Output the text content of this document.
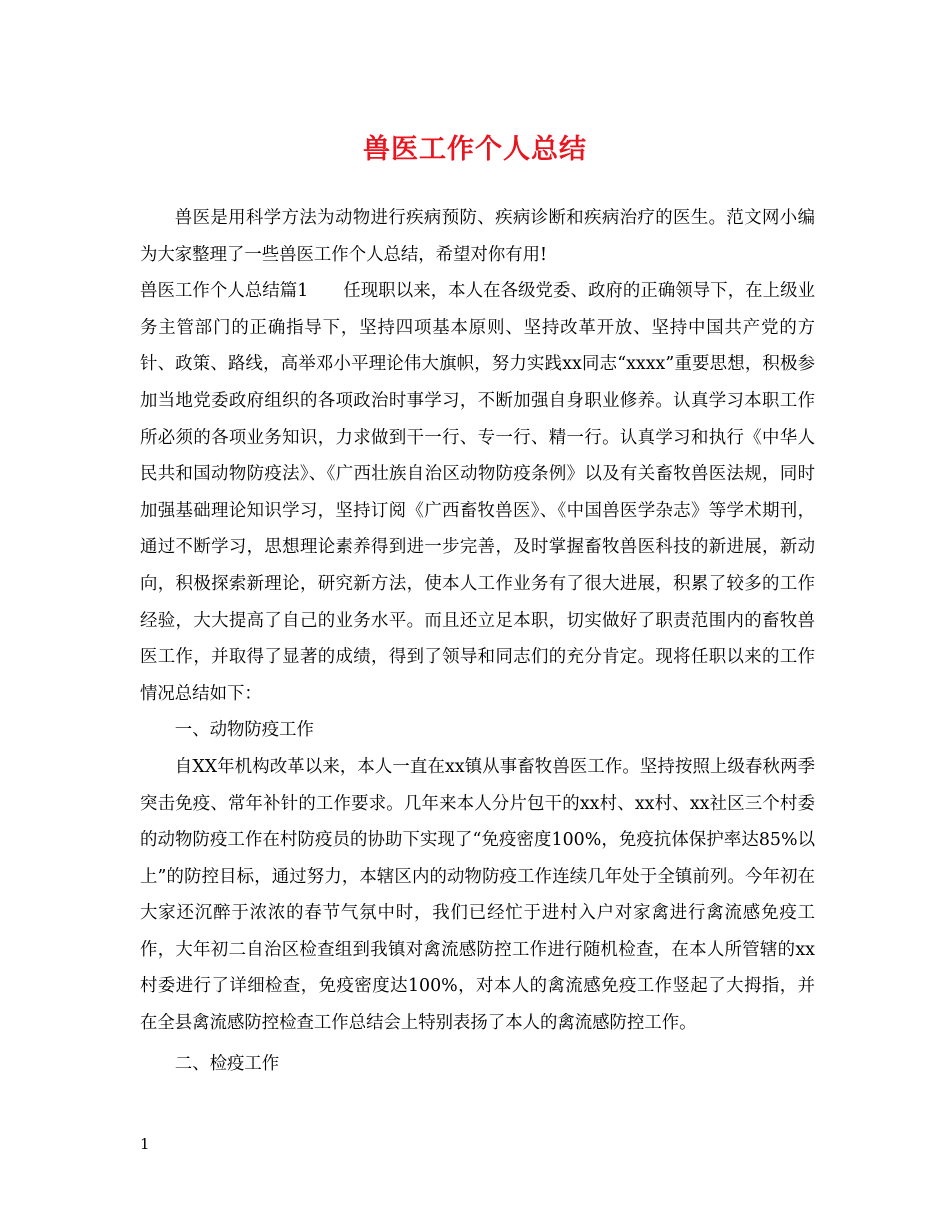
兽医工作个人总结

兽医是用科学方法为动物进行疾病预防、疾病诊断和疾病治疗的医生。范文网小编为大家整理了一些兽医工作个人总结，希望对你有用!

兽医工作个人总结篇1　　任现职以来，本人在各级党委、政府的正确领导下，在上级业务主管部门的正确指导下，坚持四项基本原则、坚持改革开放、坚持中国共产党的方针、政策、路线，高举邓小平理论伟大旗帜，努力实践xx同志“xxxx”重要思想，积极参加当地党委政府组织的各项政治时事学习，不断加强自身职业修养。认真学习本职工作所必须的各项业务知识，力求做到干一行、专一行、精一行。认真学习和执行《中华人民共和国动物防疫法》、《广西壮族自治区动物防疫条例》以及有关畜牧兽医法规，同时加强基础理论知识学习，坚持订阅《广西畜牧兽医》、《中国兽医学杂志》等学术期刊，通过不断学习，思想理论素养得到进一步完善，及时掌握畜牧兽医科技的新进展，新动向，积极探索新理论，研究新方法，使本人工作业务有了很大进展，积累了较多的工作经验，大大提高了自己的业务水平。而且还立足本职，切实做好了职责范围内的畜牧兽医工作，并取得了显著的成绩，得到了领导和同志们的充分肯定。现将任职以来的工作情况总结如下：

一、动物防疫工作

自XX年机构改革以来，本人一直在xx镇从事畜牧兽医工作。坚持按照上级春秋两季突击免疫、常年补针的工作要求。几年来本人分片包干的xx村、xx村、xx社区三个村委的动物防疫工作在村防疫员的协助下实现了“免疫密度100%，免疫抗体保护率达85%以上”的防控目标，通过努力，本辖区内的动物防疫工作连续几年处于全镇前列。今年初在大家还沉醉于浓浓的春节气氛中时，我们已经忙于进村入户对家禽进行禽流感免疫工作，大年初二自治区检查组到我镇对禽流感防控工作进行随机检查，在本人所管辖的xx村委进行了详细检查，免疫密度达100%，对本人的禽流感免疫工作竖起了大拇指，并在全县禽流感防控检查工作总结会上特别表扬了本人的禽流感防控工作。

二、检疫工作

1
